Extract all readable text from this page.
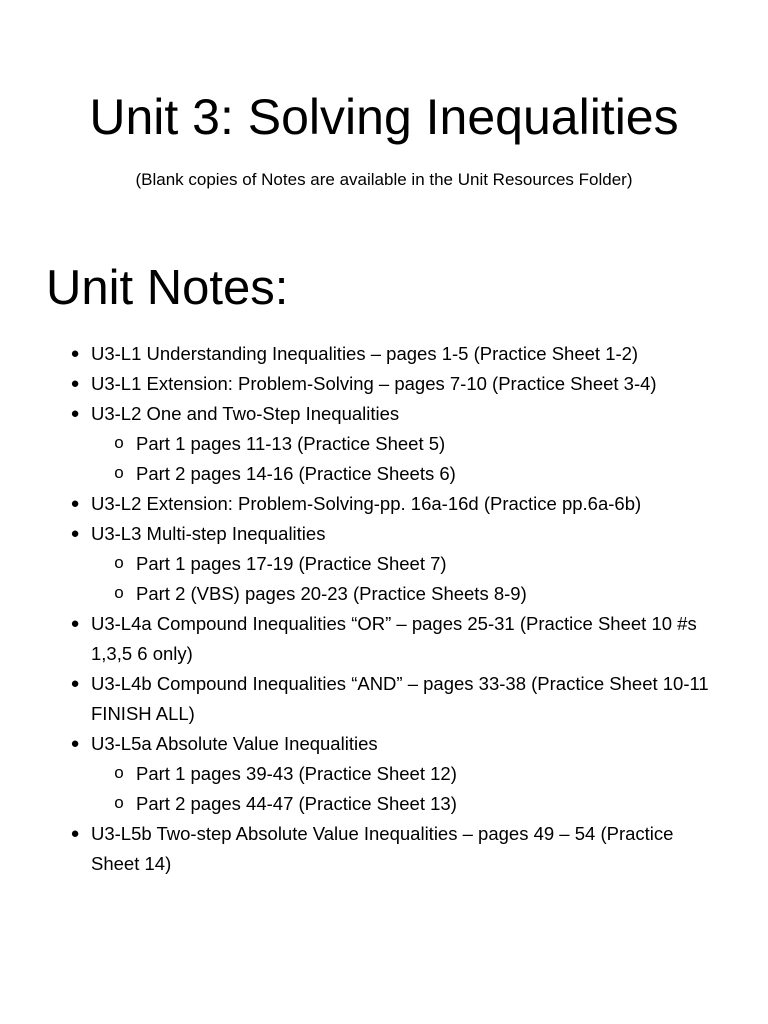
Unit 3: Solving Inequalities

(Blank copies of Notes are available in the Unit Resources Folder)

Unit Notes:
● U3-L1 Understanding Inequalities – pages 1-5 (Practice Sheet 1-2)
● U3-L1 Extension: Problem-Solving – pages 7-10 (Practice Sheet 3-4)
● U3-L2 One and Two-Step Inequalities
o Part 1 pages 11-13 (Practice Sheet 5)
o Part 2 pages 14-16 (Practice Sheets 6)
● U3-L2 Extension: Problem-Solving-pp. 16a-16d (Practice pp.6a-6b)
● U3-L3 Multi-step Inequalities
o Part 1 pages 17-19 (Practice Sheet 7)
o Part 2 (VBS) pages 20-23 (Practice Sheets 8-9)
● U3-L4a Compound Inequalities “OR” – pages 25-31 (Practice Sheet 10 #s 1,3,5 6 only)
● U3-L4b Compound Inequalities “AND” – pages 33-38 (Practice Sheet 10-11 FINISH ALL)
● U3-L5a Absolute Value Inequalities
o Part 1 pages 39-43 (Practice Sheet 12)
o Part 2 pages 44-47 (Practice Sheet 13)
● U3-L5b Two-step Absolute Value Inequalities – pages 49 – 54 (Practice Sheet 14)
